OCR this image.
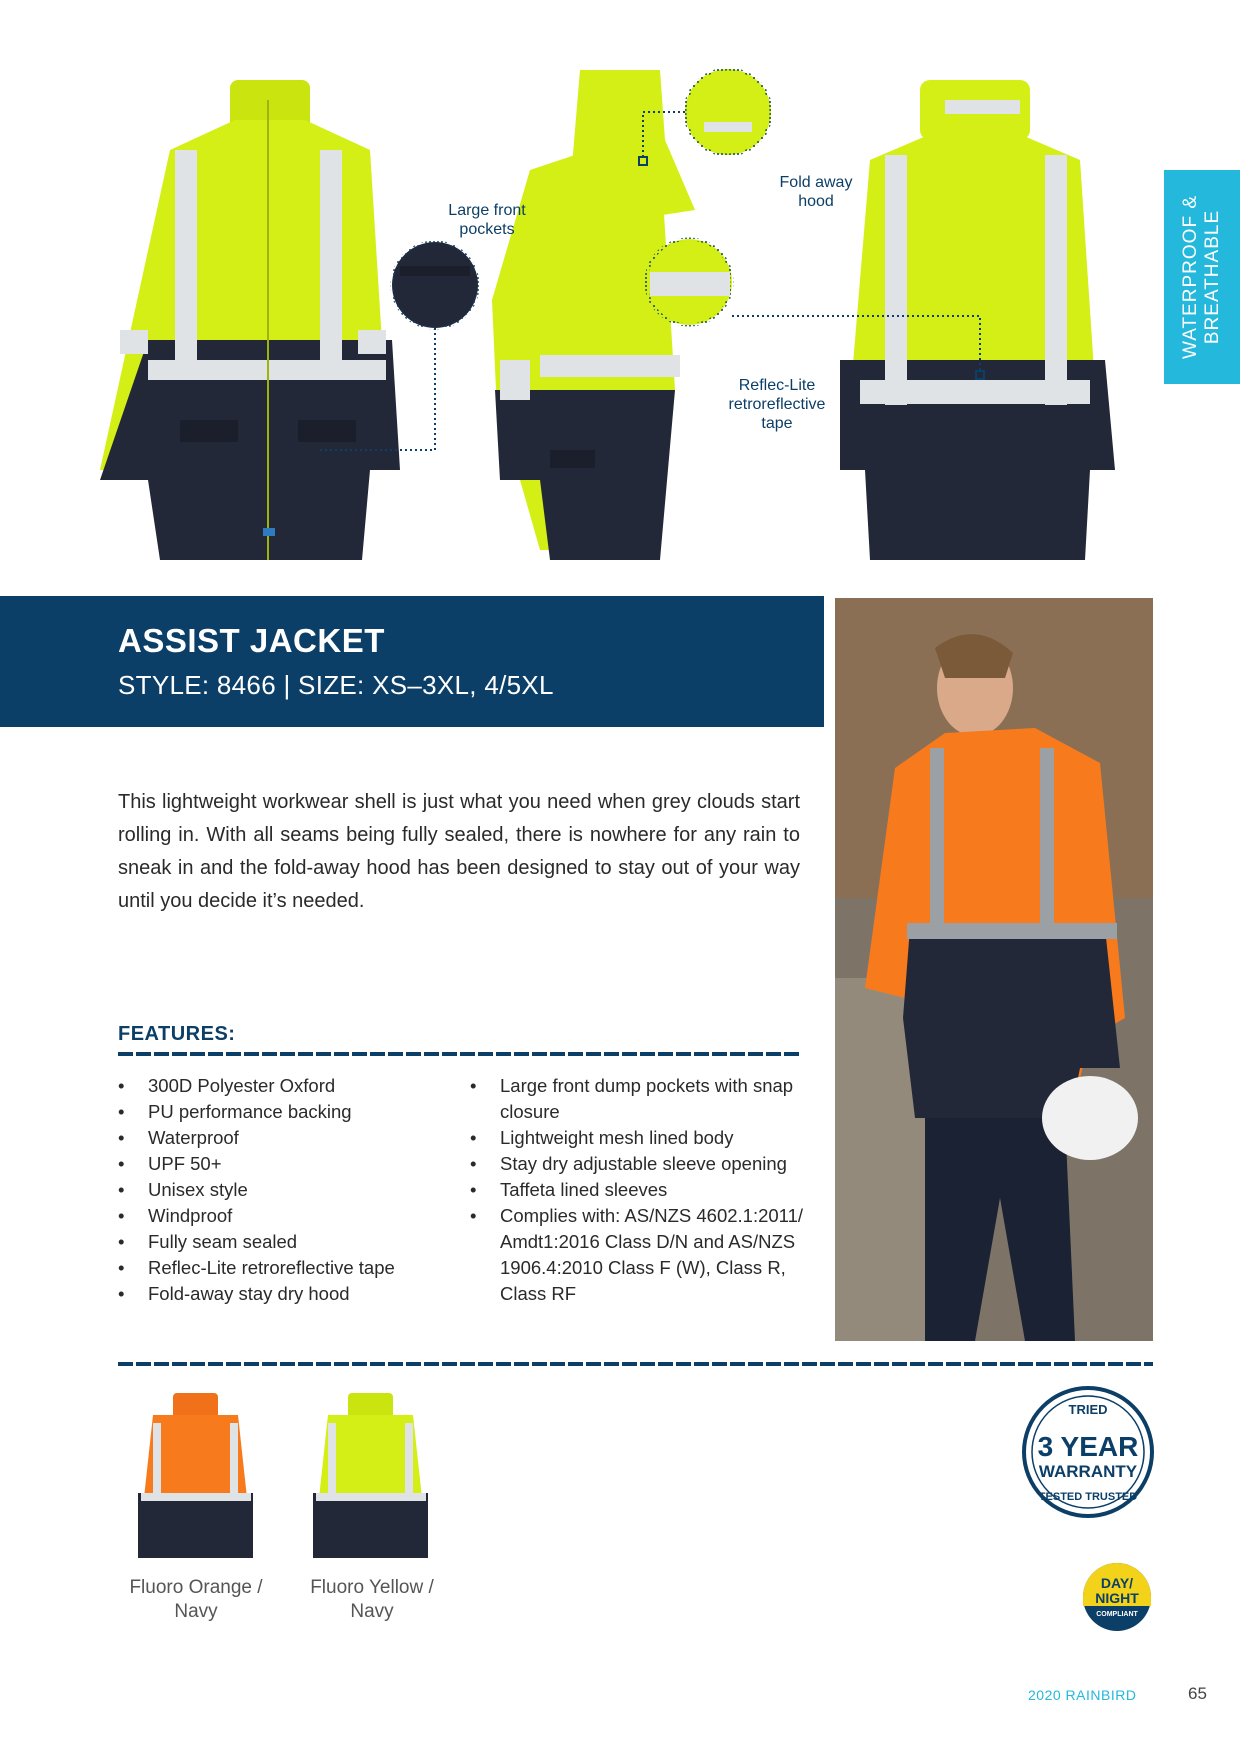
Large front
pockets
Fold away
hood
Reflec-Lite
retroreflective
tape
WATERPROOF & BREATHABLE
ASSIST JACKET
STYLE: 8466 | SIZE: XS–3XL, 4/5XL

This lightweight workwear shell is just what you need when grey clouds start rolling in. With all seams being fully sealed, there is nowhere for any rain to sneak in and the fold-away hood has been designed to stay out of your way until you decide it’s needed.

FEATURES:
• 300D Polyester Oxford
• PU performance backing
• Waterproof
• UPF 50+
• Unisex style
• Windproof
• Fully seam sealed
• Reflec-Lite retroreflective tape
• Fold-away stay dry hood
• Large front dump pockets with snap closure
• Lightweight mesh lined body
• Stay dry adjustable sleeve opening
• Taffeta lined sleeves
• Complies with: AS/NZS 4602.1:2011/ Amdt1:2016 Class D/N and AS/NZS 1906.4:2010 Class F (W), Class R, Class RF
Fluoro Orange /
Navy
Fluoro Yellow /
Navy
TRIED
3 YEAR
WARRANTY
TESTED TRUSTED
DAY/
NIGHT
COMPLIANT
2020 RAINBIRD	65
